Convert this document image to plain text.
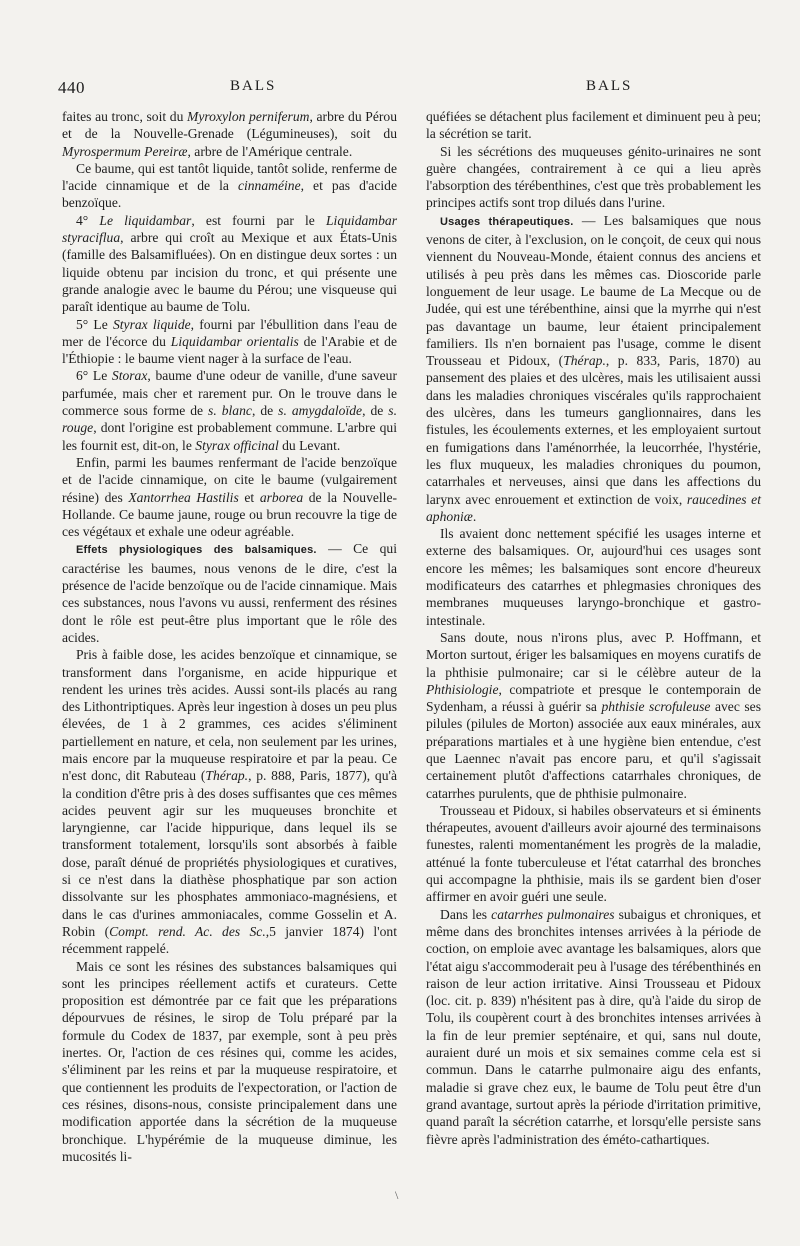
440	BALS	BALS

faites au tronc, soit du Myroxylon perniferum, arbre du Pérou et de la Nouvelle-Grenade (Légumineuses), soit du Myrospermum Pereiræ, arbre de l'Amérique centrale.

Ce baume, qui est tantôt liquide, tantôt solide, renferme de l'acide cinnamique et de la cinnaméine, et pas d'acide benzoïque.

4° Le liquidambar, est fourni par le Liquidambar styraciflua, arbre qui croît au Mexique et aux États-Unis (famille des Balsamifluées). On en distingue deux sortes : un liquide obtenu par incision du tronc, et qui présente une grande analogie avec le baume du Pérou; une visqueuse qui paraît identique au baume de Tolu.

5° Le Styrax liquide, fourni par l'ébullition dans l'eau de mer de l'écorce du Liquidambar orientalis de l'Arabie et de l'Éthiopie : le baume vient nager à la surface de l'eau.

6° Le Storax, baume d'une odeur de vanille, d'une saveur parfumée, mais cher et rarement pur. On le trouve dans le commerce sous forme de s. blanc, de s. amygdaloïde, de s. rouge, dont l'origine est probablement commune. L'arbre qui les fournit est, dit-on, le Styrax officinal du Levant.

Enfin, parmi les baumes renfermant de l'acide benzoïque et de l'acide cinnamique, on cite le baume (vulgairement résine) des Xantorrhea Hastilis et arborea de la Nouvelle-Hollande. Ce baume jaune, rouge ou brun recouvre la tige de ces végétaux et exhale une odeur agréable.

Effets physiologiques des balsamiques. — Ce qui caractérise les baumes, nous venons de le dire, c'est la présence de l'acide benzoïque ou de l'acide cinnamique. Mais ces substances, nous l'avons vu aussi, renferment des résines dont le rôle est peut-être plus important que le rôle des acides.

Pris à faible dose, les acides benzoïque et cinnamique, se transforment dans l'organisme, en acide hippurique et rendent les urines très acides. Aussi sont-ils placés au rang des Lithontriptiques. Après leur ingestion à doses un peu plus élevées, de 1 à 2 grammes, ces acides s'éliminent partiellement en nature, et cela, non seulement par les urines, mais encore par la muqueuse respiratoire et par la peau. Ce n'est donc, dit Rabuteau (Thérap., p. 888, Paris, 1877), qu'à la condition d'être pris à des doses suffisantes que ces mêmes acides peuvent agir sur les muqueuses bronchite et laryngienne, car l'acide hippurique, dans lequel ils se transforment totalement, lorsqu'ils sont absorbés à faible dose, paraît dénué de propriétés physiologiques et curatives, si ce n'est dans la diathèse phosphatique par son action dissolvante sur les phosphates ammoniaco-magnésiens, et dans le cas d'urines ammoniacales, comme Gosselin et A. Robin (Compt. rend. Ac. des Sc.,5 janvier 1874) l'ont récemment rappelé.

Mais ce sont les résines des substances balsamiques qui sont les principes réellement actifs et curateurs. Cette proposition est démontrée par ce fait que les préparations dépourvues de résines, le sirop de Tolu préparé par la formule du Codex de 1837, par exemple, sont à peu près inertes. Or, l'action de ces résines qui, comme les acides, s'éliminent par les reins et par la muqueuse respiratoire, et que contiennent les produits de l'expectoration, or l'action de ces résines, disons-nous, consiste principalement dans une modification apportée dans la sécrétion de la muqueuse bronchique. L'hypérémie de la muqueuse diminue, les mucosités li-

quéfiées se détachent plus facilement et diminuent peu à peu; la sécrétion se tarit.

Si les sécrétions des muqueuses génito-urinaires ne sont guère changées, contrairement à ce qui a lieu après l'absorption des térébenthines, c'est que très probablement les principes actifs sont trop dilués dans l'urine.

Usages thérapeutiques. — Les balsamiques que nous venons de citer, à l'exclusion, on le conçoit, de ceux qui nous viennent du Nouveau-Monde, étaient connus des anciens et utilisés à peu près dans les mêmes cas. Dioscoride parle longuement de leur usage. Le baume de La Mecque ou de Judée, qui est une térébenthine, ainsi que la myrrhe qui n'est pas davantage un baume, leur étaient principalement familiers. Ils n'en bornaient pas l'usage, comme le disent Trousseau et Pidoux, (Thérap., p. 833, Paris, 1870) au pansement des plaies et des ulcères, mais les utilisaient aussi dans les maladies chroniques viscérales qu'ils rapprochaient des ulcères, dans les tumeurs ganglionnaires, dans les fistules, les écoulements externes, et les employaient surtout en fumigations dans l'aménorrhée, la leucorrhée, l'hystérie, les flux muqueux, les maladies chroniques du poumon, catarrhales et nerveuses, ainsi que dans les affections du larynx avec enrouement et extinction de voix, raucedines et aphoniæ.

Ils avaient donc nettement spécifié les usages interne et externe des balsamiques. Or, aujourd'hui ces usages sont encore les mêmes; les balsamiques sont encore d'heureux modificateurs des catarrhes et phlegmasies chroniques des membranes muqueuses laryngo-bronchique et gastro-intestinale.

Sans doute, nous n'irons plus, avec P. Hoffmann, et Morton surtout, ériger les balsamiques en moyens curatifs de la phthisie pulmonaire; car si le célèbre auteur de la Phthisiologie, compatriote et presque le contemporain de Sydenham, a réussi à guérir sa phthisie scrofuleuse avec ses pilules (pilules de Morton) associée aux eaux minérales, aux préparations martiales et à une hygiène bien entendue, c'est que Laennec n'avait pas encore paru, et qu'il s'agissait certainement plutôt d'affections catarrhales chroniques, de catarrhes purulents, que de phthisie pulmonaire.

Trousseau et Pidoux, si habiles observateurs et si éminents thérapeutes, avouent d'ailleurs avoir ajourné des terminaisons funestes, ralenti momentanément les progrès de la maladie, atténué la fonte tuberculeuse et l'état catarrhal des bronches qui accompagne la phthisie, mais ils se gardent bien d'oser affirmer en avoir guéri une seule.

Dans les catarrhes pulmonaires subaigus et chroniques, et même dans des bronchites intenses arrivées à la période de coction, on emploie avec avantage les balsamiques, alors que l'état aigu s'accommoderait peu à l'usage des térébenthinés en raison de leur action irritative. Ainsi Trousseau et Pidoux (loc. cit. p. 839) n'hésitent pas à dire, qu'à l'aide du sirop de Tolu, ils coupèrent court à des bronchites intenses arrivées à la fin de leur premier septénaire, et qui, sans nul doute, auraient duré un mois et six semaines comme cela est si commun. Dans le catarrhe pulmonaire aigu des enfants, maladie si grave chez eux, le baume de Tolu peut être d'un grand avantage, surtout après la période d'irritation primitive, quand paraît la sécrétion catarrhe, et lorsqu'elle persiste sans fièvre après l'administration des éméto-cathartiques.

\
